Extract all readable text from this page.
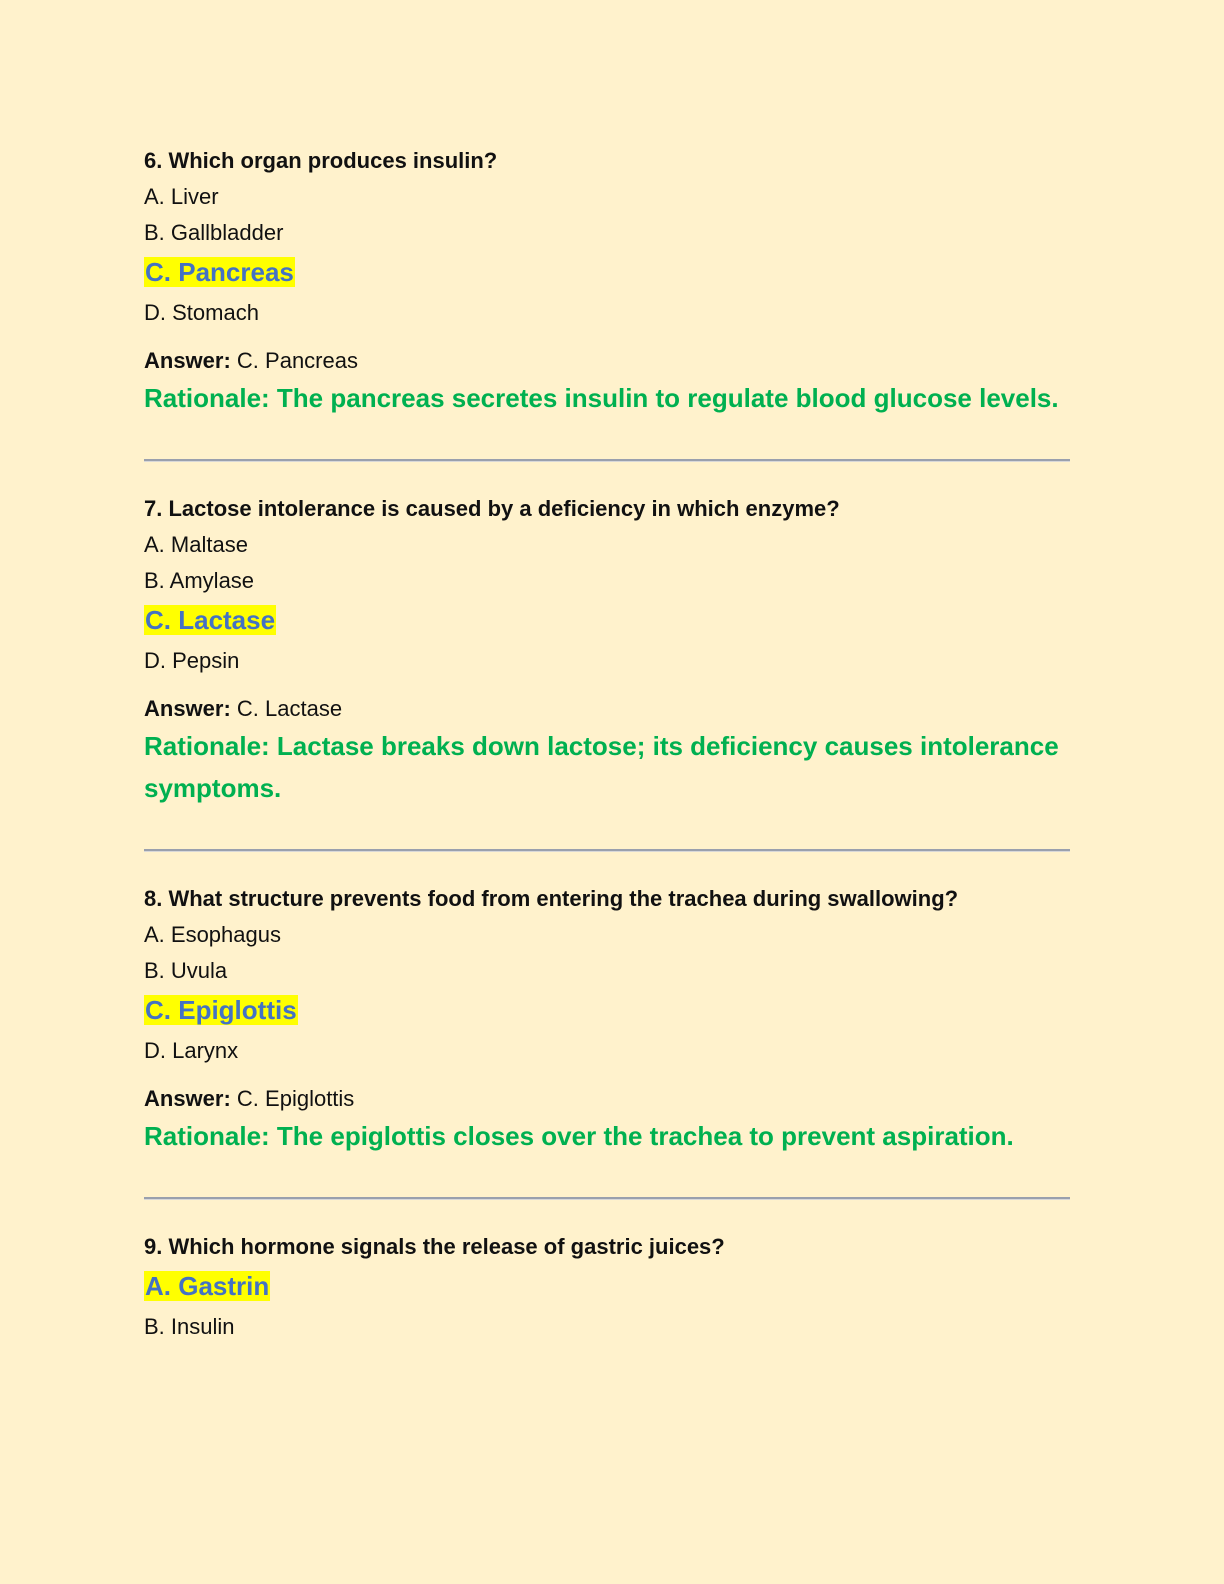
6. Which organ produces insulin?

A. Liver

B. Gallbladder

C. Pancreas

D. Stomach

Answer: C. Pancreas

Rationale: The pancreas secretes insulin to regulate blood glucose levels.

7. Lactose intolerance is caused by a deficiency in which enzyme?

A. Maltase

B. Amylase

C. Lactase

D. Pepsin

Answer: C. Lactase

Rationale: Lactase breaks down lactose; its deficiency causes intolerance symptoms.

8. What structure prevents food from entering the trachea during swallowing?

A. Esophagus

B. Uvula

C. Epiglottis

D. Larynx

Answer: C. Epiglottis

Rationale: The epiglottis closes over the trachea to prevent aspiration.

9. Which hormone signals the release of gastric juices?

A. Gastrin

B. Insulin
